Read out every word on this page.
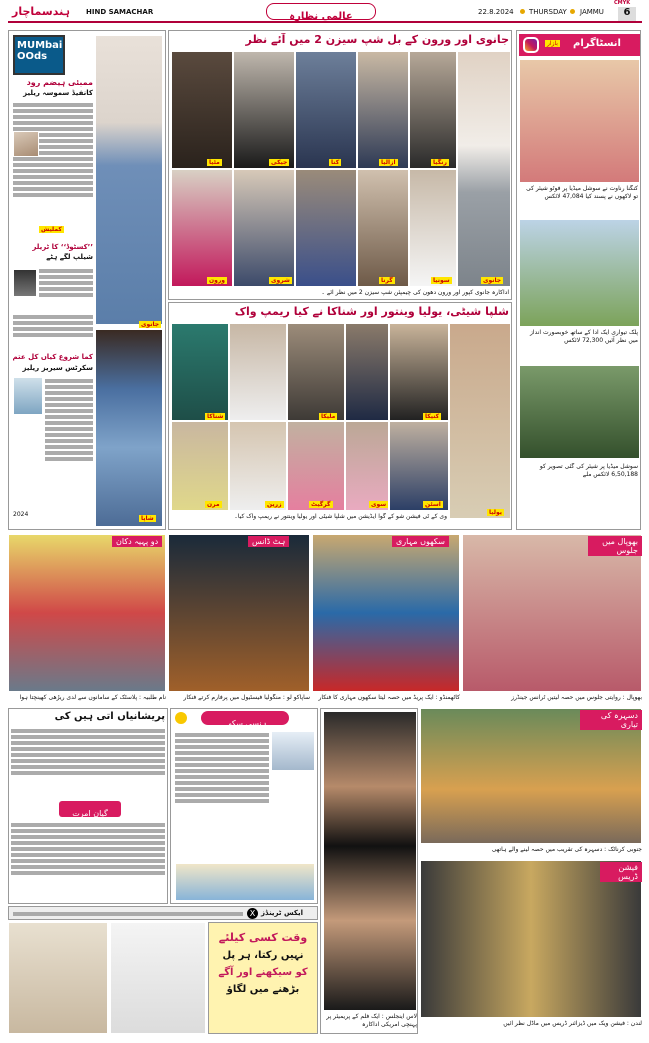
ہندسماچار HIND SAMACHAR	عالمی نظارہ	22.8.2024 THURSDAY JAMMU
CMYK
6
MUMbai
OOds
جانوی
ممبئی ہیضم رود
کانفیڈ سموسہ ریلیز
کملیش
’’کسٹوڈ‘‘ کا ٹریلر
شیلپ لگے ہٹے
شاپا
کما شروع کیاں کل عتم
سکرٹس سیریز ریلیز
2024
جانوی اور ورون کے بل شپ سیزن 2 میں آئے نظر
جانوی
مٹیا	جیکی	کنا
شروی	گرنا	سونیا
رنگیا
ورون
ازالیا
اداکارہ جانوی کپور اور ورون دھون کی چیمپئن شپ سیزن 2 میں نظر آئے ۔
شلپا شیٹی، یولیا وینتور اور شناکا نے کیا ریمپ واک
شناکا	ملیکا	کنیکا
یولیا
مرن	زرین	گرگیٹ	سوی	آسٹن
وی کے ٹی فیشن شو کے گوا ایڈیشن میں شلپا شیٹی اور یولیا وینتور نے ریمپ واک کیا۔
بازار انسٹاگرام
کنگنا رناوت نے سوشل میڈیا پر فوٹو شیئر کی تو لاکھوں نے پسند کیا 47,084 لائکس
پلک تیواری ایک ادا کے ساتھ خوبصورت انداز میں نظر آئیں 72,300 لائکس
سوشل میڈیا پر شیئر کی گئی تصویر کو 6,50,188 لائکس ملے
دو پہیہ دکان	ہٹ ڈانس	سکھوں مہاری	بھوپال میں جلوس
نام طلبیہ : پلاسٹک کے سامانوں سے لدی ریڑھی کھینچتا ہوا	ساپاکو لو : منگولیا فیسٹیول میں پرفارم کرتے فنکار	کاٹھمنڈو : ایک پریڈ میں حصہ لیتا سکھوں مہاری کا فنکار	بھوپال : روایتی جلوس میں حصہ لیتیں ٹرانس جینڈرز
پریشانیاں آتی ہیں کی
گیان امرت
ہنسی سکھے
لاس اینجلس : ایک فلم کے پریمیئر پر پہنچی امریکی اداکارہ
دسہرہ کی تیاری
جنوبی کرناٹک : دسہرہ کی تقریب میں حصہ لینے والے ہاتھی
فیشن ڈریس
لندن : فیشن ویک میں ڈیزائنر ڈریس میں ماڈل نظر آئیں
X ایکس ٹرینڈز
وقت کسی کیلئے
نہیں رکتا، ہر پل
کو سیکھنے اور آگے
بڑھنے میں لگاؤ
